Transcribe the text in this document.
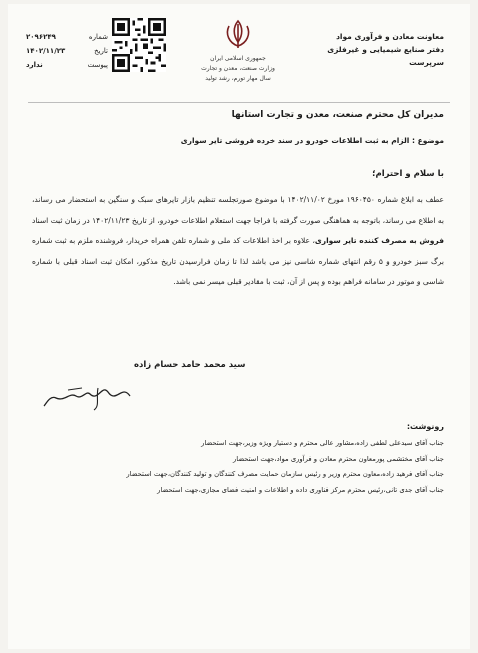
معاونت معادن و فرآوری مواد
دفتر صنایع شیمیایی و غیرفلزی
سرپرست
جمهوری اسلامی ایران
وزارت صنعت، معدن و تجارت
سال مهار تورم، رشد تولید
شماره
۲۰۹۶۲۴۹
تاریخ
۱۴۰۲/۱۱/۲۳
پیوست
ندارد
مدیران کل محترم صنعت، معدن و تجارت استانها
موضوع : الزام به ثبت اطلاعات خودرو در سند خرده فروشی تایر سواری
با سلام و احترام؛
عطف به ابلاغ شماره ۱۹۶۰۴۵۰ مورخ ۱۴۰۲/۱۱/۰۲ با موضوع صورتجلسه تنظیم بازار تایرهای سبک و سنگین به استحضار می رساند، به اطلاع می رساند، باتوجه به هماهنگی صورت گرفته با فراجا جهت استعلام اطلاعات خودرو، از تاریخ ۱۴۰۲/۱۱/۲۳ در زمان ثبت اسناد فروش به مصرف کننده تایر سواری، علاوه بر اخذ اطلاعات کد ملی و شماره تلفن همراه خریدار، فروشنده ملزم به ثبت شماره برگ سبز خودرو و ۵ رقم انتهای شماره شاسی نیز می باشد لذا تا زمان فرارسیدن تاریخ مذکور، امکان ثبت اسناد قبلی با شماره شاسی و موتور در سامانه فراهم بوده و پس از آن، ثبت با مقادیر قبلی میسر نمی باشد.
سید محمد حامد حسام زاده
رونوشت:
جناب آقای سیدعلی لطفی زاده،مشاور عالی محترم و دستیار ویژه وزیر،جهت استحضار
جناب آقای مختشمی پورمعاون محترم معادن و فرآوری مواد،جهت استحضار
جناب آقای فرهید زاده،معاون محترم وزیر و رئیس سازمان حمایت مصرف کنندگان و تولید کنندگان،جهت استحضار
جناب آقای جدی تانی،رئیس محترم مرکز فناوری داده و اطلاعات و امنیت فضای مجازی،جهت استحضار
